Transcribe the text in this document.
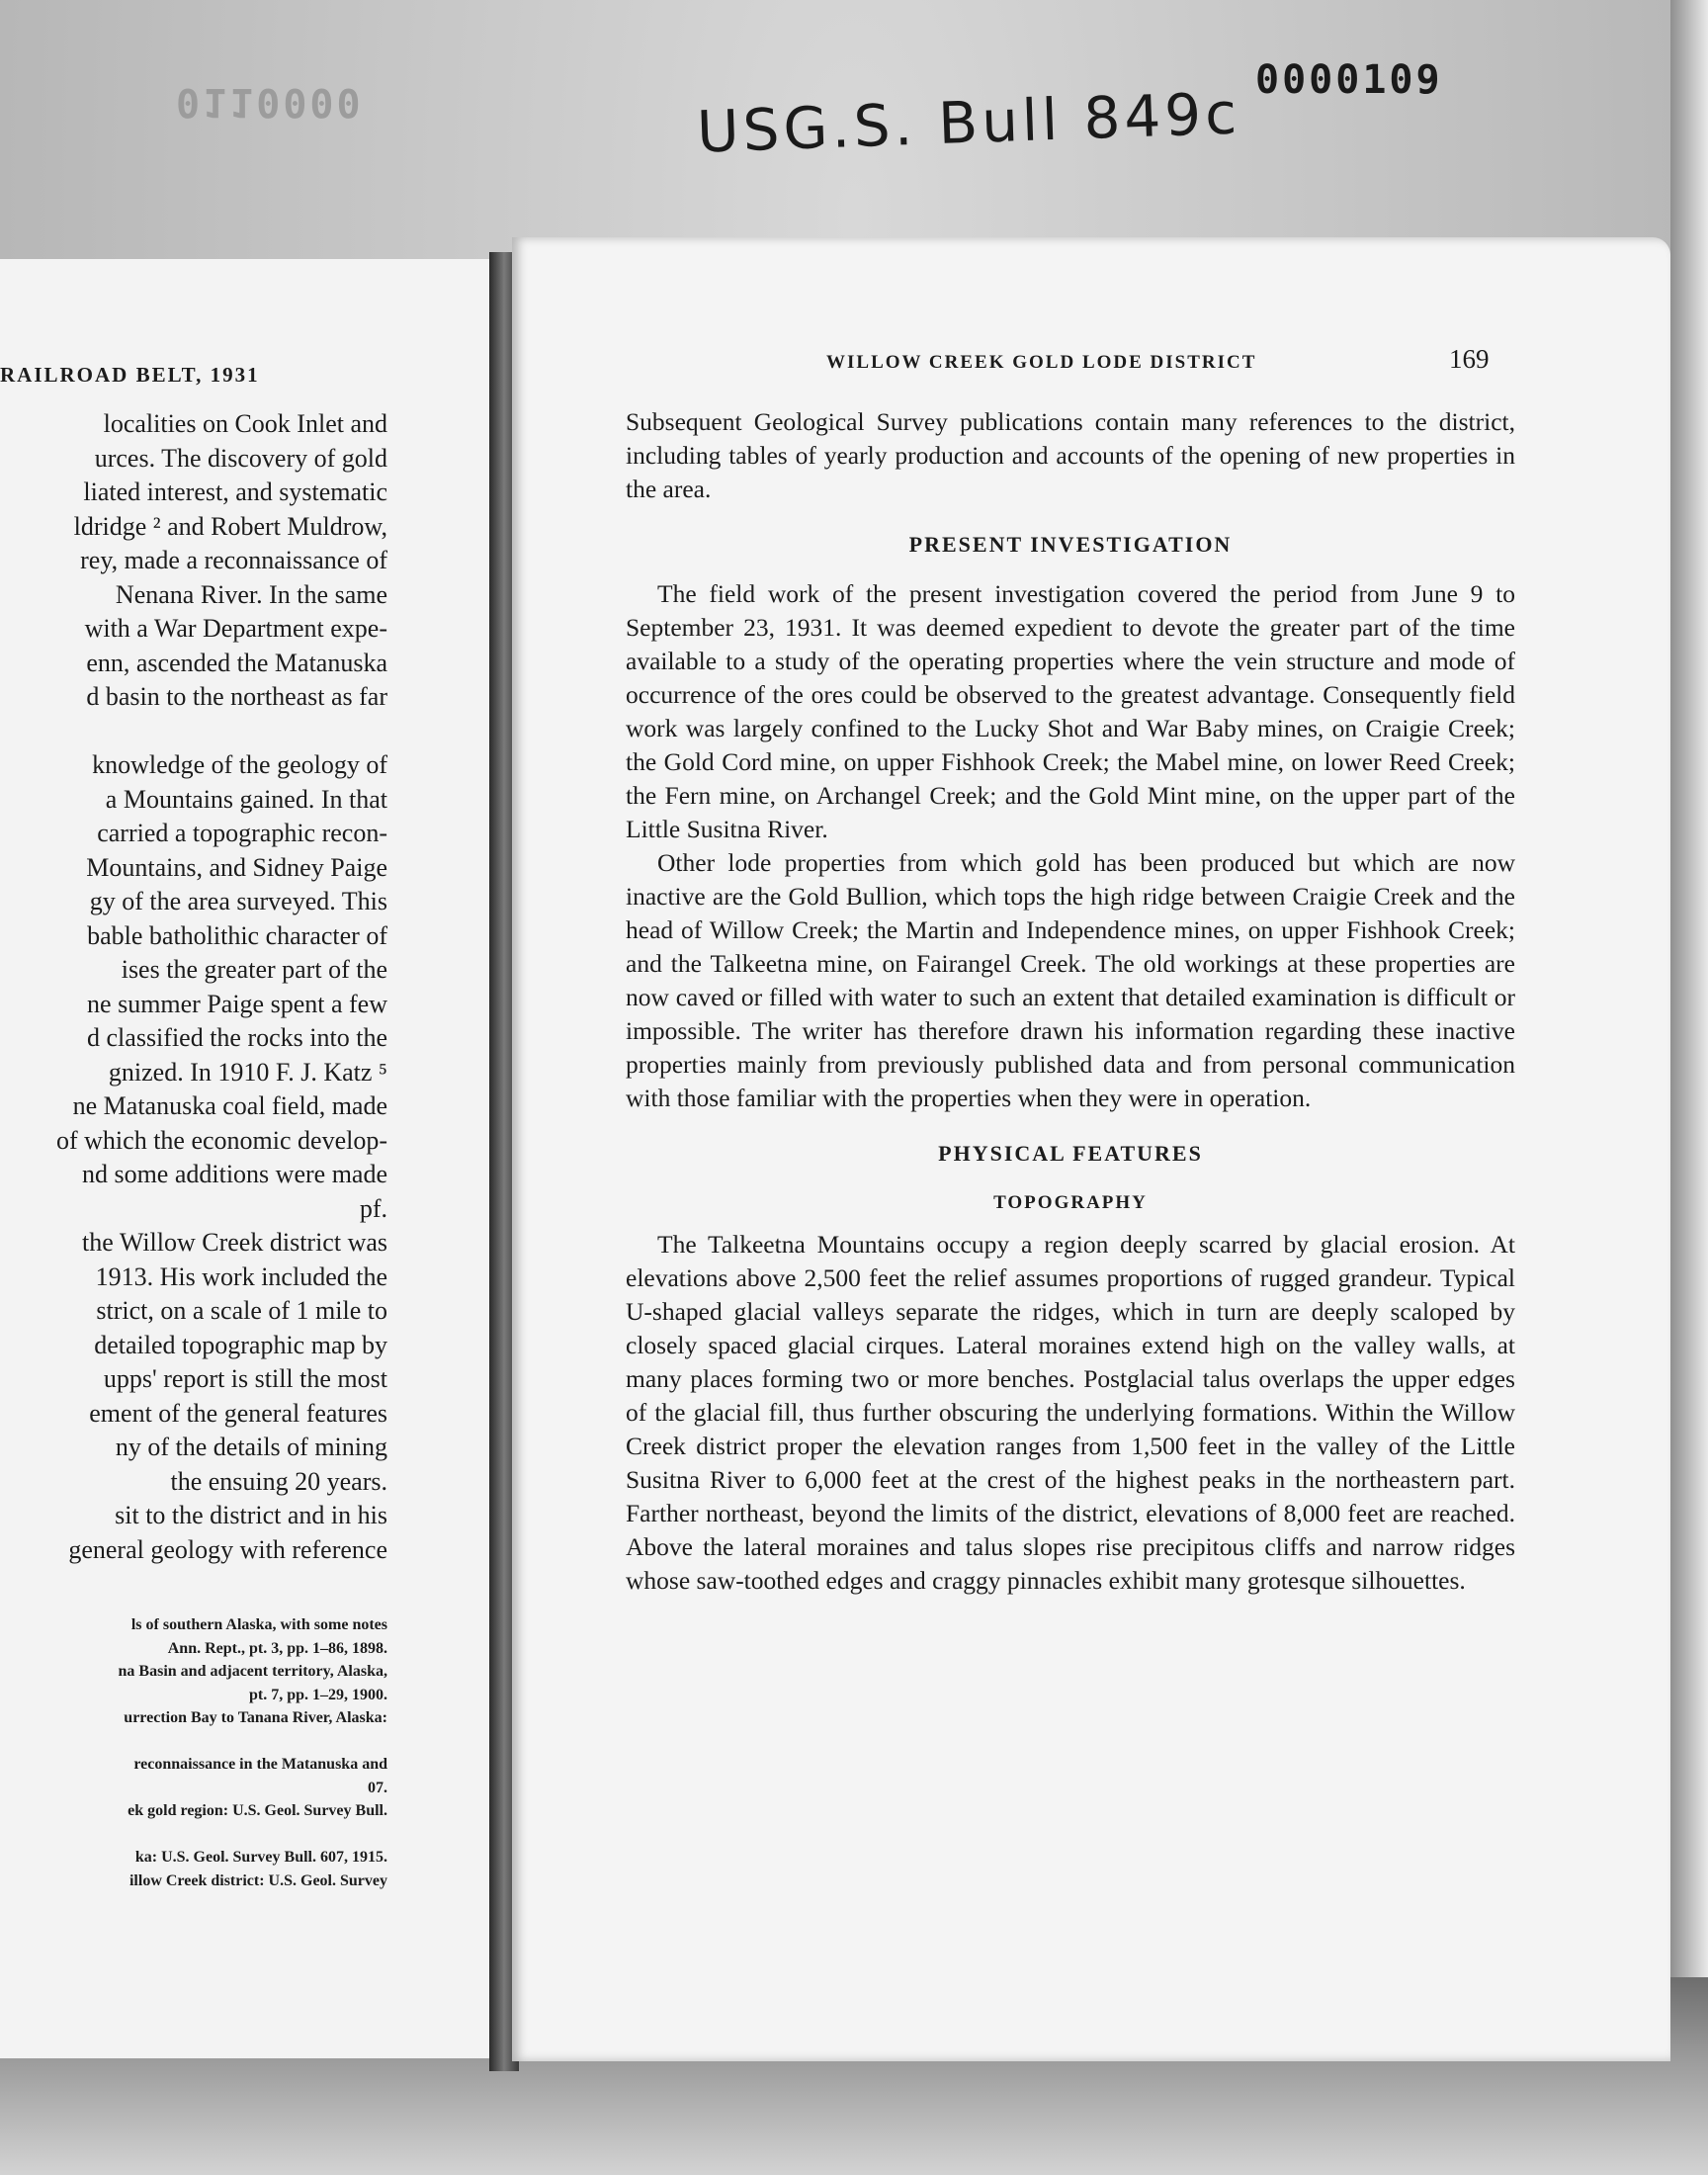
0110000	USG.S. Bull 849c 0000109
RAILROAD BELT, 1931
localities on Cook Inlet and
urces. The discovery of gold
liated interest, and systematic
ldridge ² and Robert Muldrow,
rey, made a reconnaissance of
Nenana River. In the same
with a War Department expe-
enn, ascended the Matanuska
d basin to the northeast as far

knowledge of the geology of
a Mountains gained. In that
carried a topographic recon-
Mountains, and Sidney Paige
gy of the area surveyed. This
bable batholithic character of
ises the greater part of the
ne summer Paige spent a few
d classified the rocks into the
gnized. In 1910 F. J. Katz ⁵
ne Matanuska coal field, made
of which the economic develop-
nd some additions were made
pf.
the Willow Creek district was
1913. His work included the
strict, on a scale of 1 mile to
detailed topographic map by
upps' report is still the most
ement of the general features
ny of the details of mining
the ensuing 20 years.
sit to the district and in his
general geology with reference
ls of southern Alaska, with some notes
Ann. Rept., pt. 3, pp. 1–86, 1898.
na Basin and adjacent territory, Alaska,
pt. 7, pp. 1–29, 1900.
urrection Bay to Tanana River, Alaska:

reconnaissance in the Matanuska and
07.
ek gold region: U.S. Geol. Survey Bull.

ka: U.S. Geol. Survey Bull. 607, 1915.
illow Creek district: U.S. Geol. Survey
WILLOW CREEK GOLD LODE DISTRICT	169

Subsequent Geological Survey publications contain many references to the district, including tables of yearly production and accounts of the opening of new properties in the area.

PRESENT INVESTIGATION

The field work of the present investigation covered the period from June 9 to September 23, 1931. It was deemed expedient to devote the greater part of the time available to a study of the operating properties where the vein structure and mode of occurrence of the ores could be observed to the greatest advantage. Consequently field work was largely confined to the Lucky Shot and War Baby mines, on Craigie Creek; the Gold Cord mine, on upper Fishhook Creek; the Mabel mine, on lower Reed Creek; the Fern mine, on Archangel Creek; and the Gold Mint mine, on the upper part of the Little Susitna River.

Other lode properties from which gold has been produced but which are now inactive are the Gold Bullion, which tops the high ridge between Craigie Creek and the head of Willow Creek; the Martin and Independence mines, on upper Fishhook Creek; and the Talkeetna mine, on Fairangel Creek. The old workings at these properties are now caved or filled with water to such an extent that detailed examination is difficult or impossible. The writer has therefore drawn his information regarding these inactive properties mainly from previously published data and from personal communication with those familiar with the properties when they were in operation.

PHYSICAL FEATURES
TOPOGRAPHY

The Talkeetna Mountains occupy a region deeply scarred by glacial erosion. At elevations above 2,500 feet the relief assumes proportions of rugged grandeur. Typical U-shaped glacial valleys separate the ridges, which in turn are deeply scaloped by closely spaced glacial cirques. Lateral moraines extend high on the valley walls, at many places forming two or more benches. Postglacial talus overlaps the upper edges of the glacial fill, thus further obscuring the underlying formations. Within the Willow Creek district proper the elevation ranges from 1,500 feet in the valley of the Little Susitna River to 6,000 feet at the crest of the highest peaks in the northeastern part. Farther northeast, beyond the limits of the district, elevations of 8,000 feet are reached. Above the lateral moraines and talus slopes rise precipitous cliffs and narrow ridges whose saw-toothed edges and craggy pinnacles exhibit many grotesque silhouettes.
